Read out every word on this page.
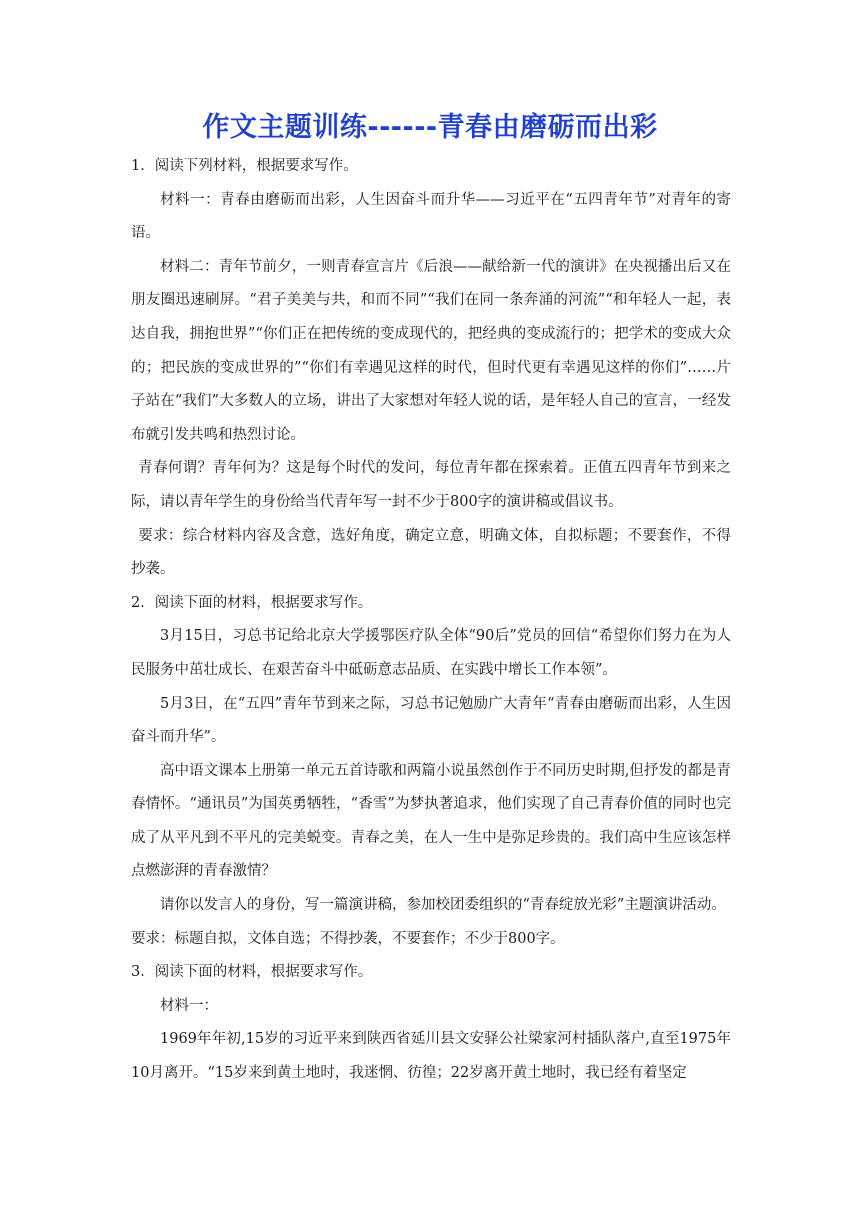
作文主题训练------青春由磨砺而出彩

1．阅读下列材料，根据要求写作。

材料一：青春由磨砺而出彩，人生因奋斗而升华——习近平在“五四青年节”对青年的寄语。

材料二：青年节前夕，一则青春宣言片《后浪——献给新一代的演讲》在央视播出后又在朋友圈迅速刷屏。“君子美美与共，和而不同”“我们在同一条奔涌的河流”“和年轻人一起，表达自我，拥抱世界”“你们正在把传统的变成现代的，把经典的变成流行的；把学术的变成大众的；把民族的变成世界的”“你们有幸遇见这样的时代，但时代更有幸遇见这样的你们”……片子站在“我们”大多数人的立场，讲出了大家想对年轻人说的话，是年轻人自己的宣言，一经发布就引发共鸣和热烈讨论。

青春何谓？青年何为？这是每个时代的发问，每位青年都在探索着。正值五四青年节到来之际，请以青年学生的身份给当代青年写一封不少于800字的演讲稿或倡议书。

要求：综合材料内容及含意，选好角度，确定立意，明确文体，自拟标题；不要套作，不得抄袭。

2．阅读下面的材料，根据要求写作。

3月15日，习总书记给北京大学援鄂医疗队全体“90后”党员的回信“希望你们努力在为人民服务中茁壮成长、在艰苦奋斗中砥砺意志品质、在实践中增长工作本领”。

5月3日，在“五四”青年节到来之际，习总书记勉励广大青年“青春由磨砺而出彩，人生因奋斗而升华”。

高中语文课本上册第一单元五首诗歌和两篇小说虽然创作于不同历史时期,但抒发的都是青春情怀。“通讯员”为国英勇牺牲，“香雪”为梦执著追求，他们实现了自己青春价值的同时也完成了从平凡到不平凡的完美蜕变。青春之美，在人一生中是弥足珍贵的。我们高中生应该怎样点燃澎湃的青春激情？

请你以发言人的身份，写一篇演讲稿，参加校团委组织的“青春绽放光彩”主题演讲活动。

要求：标题自拟，文体自选；不得抄袭，不要套作；不少于800字。

3．阅读下面的材料，根据要求写作。

材料一：

1969年年初,15岁的习近平来到陕西省延川县文安驿公社梁家河村插队落户,直至1975年10月离开。“15岁来到黄土地时，我迷惘、彷徨；22岁离开黄土地时，我已经有着坚定
